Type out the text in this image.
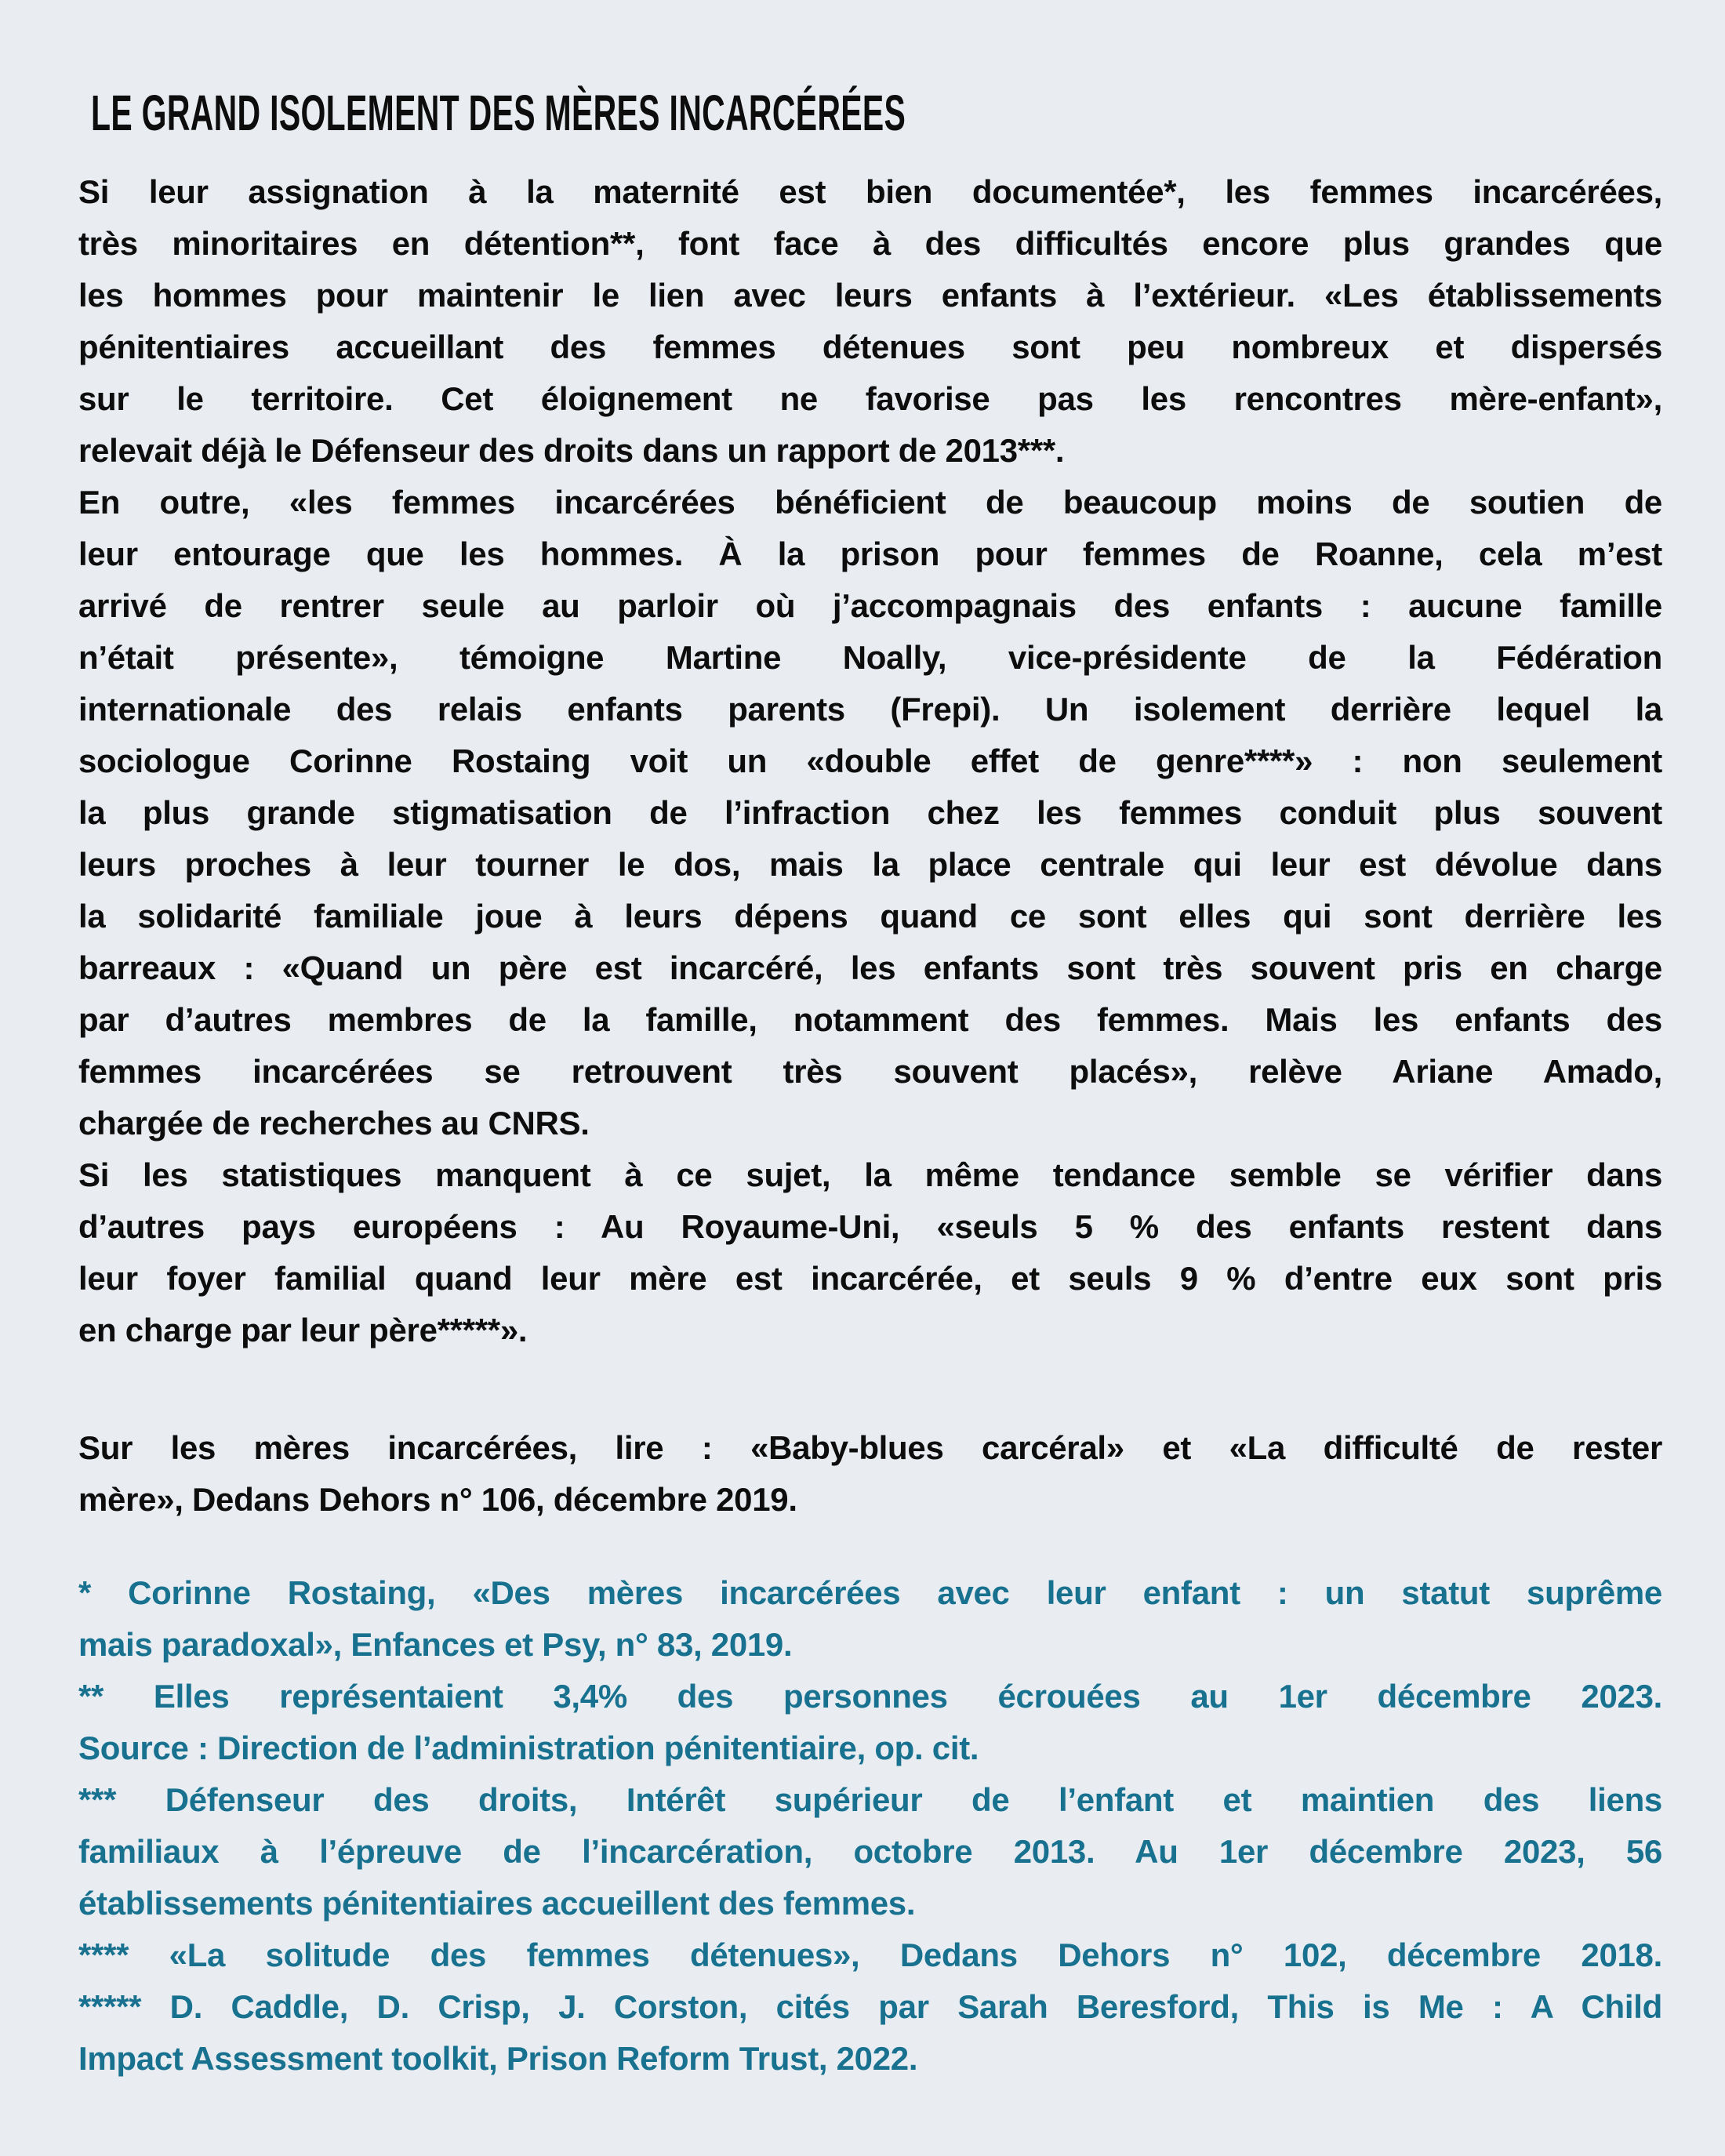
LE GRAND ISOLEMENT DES MÈRES INCARCÉRÉES
Si leur assignation à la maternité est bien documentée*, les femmes incarcérées,
très minoritaires en détention**, font face à des difficultés encore plus grandes que
les hommes pour maintenir le lien avec leurs enfants à l’extérieur. «Les établissements
pénitentiaires accueillant des femmes détenues sont peu nombreux et dispersés
sur le territoire. Cet éloignement ne favorise pas les rencontres mère-enfant»,
relevait déjà le Défenseur des droits dans un rapport de 2013***.
En outre, «les femmes incarcérées bénéficient de beaucoup moins de soutien de
leur entourage que les hommes. À la prison pour femmes de Roanne, cela m’est
arrivé de rentrer seule au parloir où j’accompagnais des enfants : aucune famille
n’était présente», témoigne Martine Noally, vice-présidente de la Fédération
internationale des relais enfants parents (Frepi). Un isolement derrière lequel la
sociologue Corinne Rostaing voit un «double effet de genre****» : non seulement
la plus grande stigmatisation de l’infraction chez les femmes conduit plus souvent
leurs proches à leur tourner le dos, mais la place centrale qui leur est dévolue dans
la solidarité familiale joue à leurs dépens quand ce sont elles qui sont derrière les
barreaux : «Quand un père est incarcéré, les enfants sont très souvent pris en charge
par d’autres membres de la famille, notamment des femmes. Mais les enfants des
femmes incarcérées se retrouvent très souvent placés», relève Ariane Amado,
chargée de recherches au CNRS.
Si les statistiques manquent à ce sujet, la même tendance semble se vérifier dans
d’autres pays européens : Au Royaume-Uni, «seuls 5 % des enfants restent dans
leur foyer familial quand leur mère est incarcérée, et seuls 9 % d’entre eux sont pris
en charge par leur père*****».
Sur les mères incarcérées, lire : «Baby-blues carcéral» et «La difficulté de rester
mère», Dedans Dehors n° 106, décembre 2019.
* Corinne Rostaing, «Des mères incarcérées avec leur enfant : un statut suprême
mais paradoxal», Enfances et Psy, n° 83, 2019.
** Elles représentaient 3,4% des personnes écrouées au 1er décembre 2023.
Source : Direction de l’administration pénitentiaire, op. cit.
*** Défenseur des droits, Intérêt supérieur de l’enfant et maintien des liens
familiaux à l’épreuve de l’incarcération, octobre 2013. Au 1er décembre 2023, 56
établissements pénitentiaires accueillent des femmes.
**** «La solitude des femmes détenues», Dedans Dehors n° 102, décembre 2018.
***** D. Caddle, D. Crisp, J. Corston, cités par Sarah Beresford, This is Me : A Child
Impact Assessment toolkit, Prison Reform Trust, 2022.
